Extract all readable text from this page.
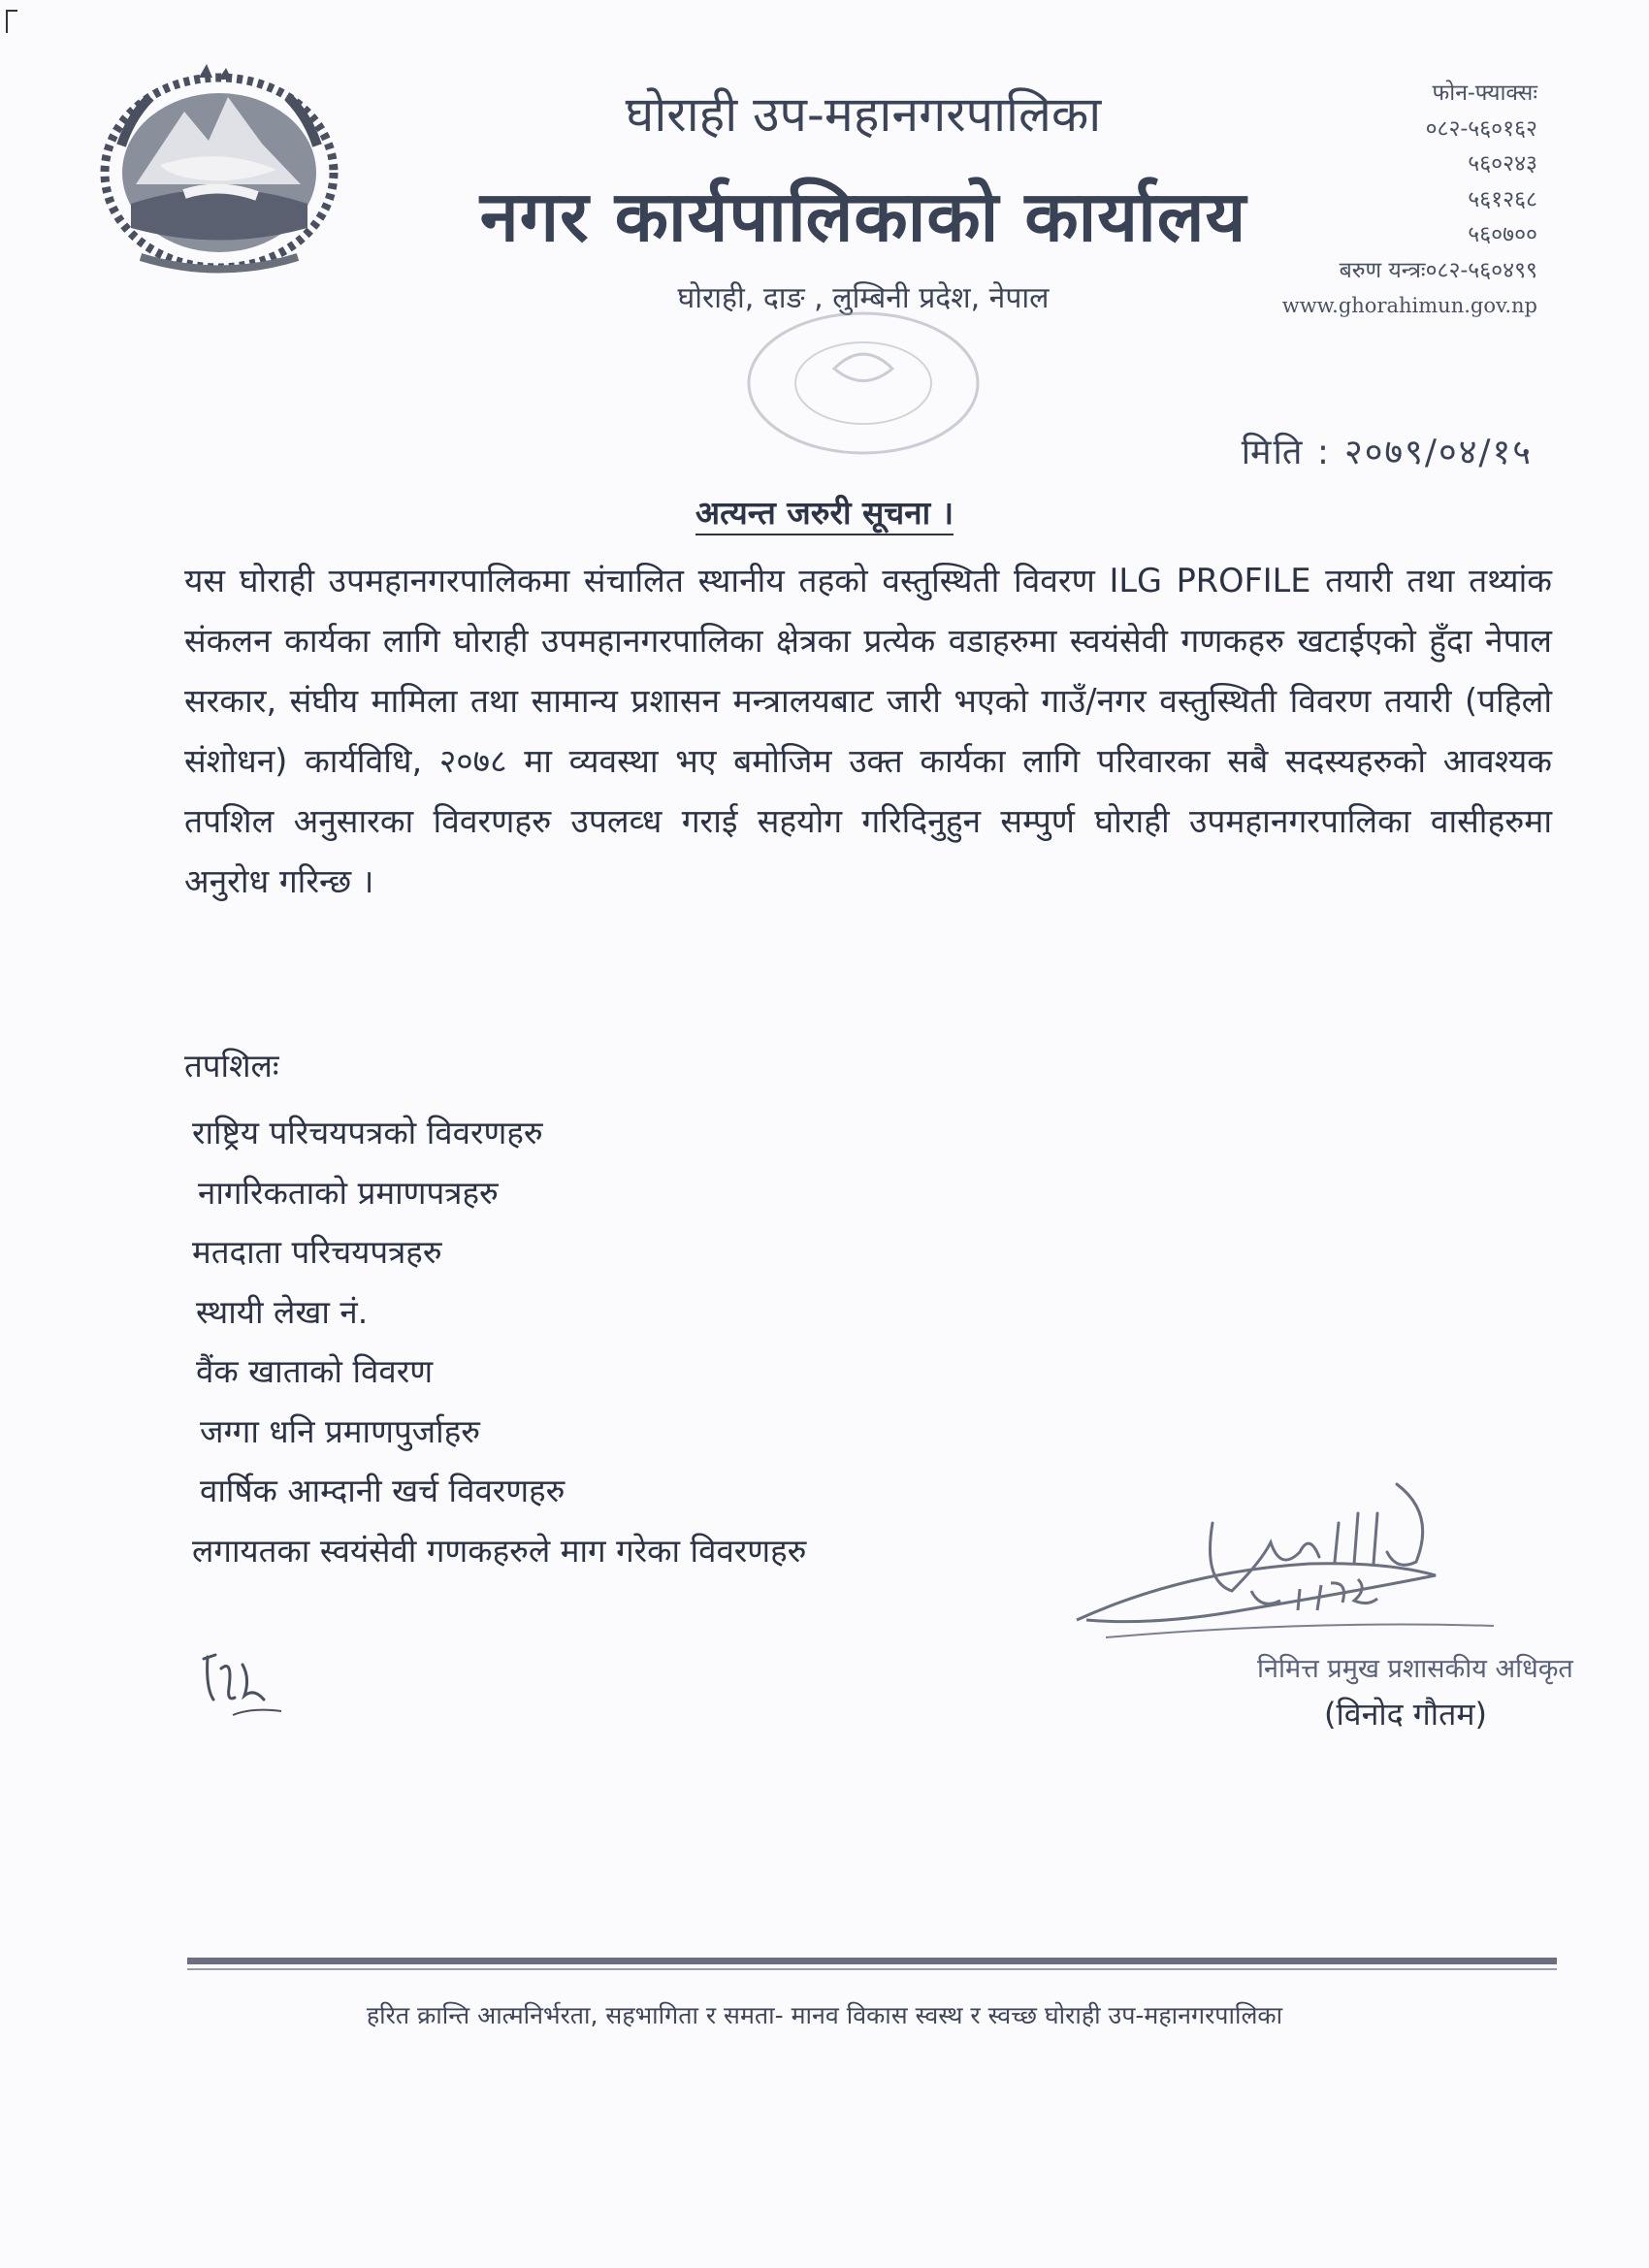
घोराही उप-महानगरपालिका
नगर कार्यपालिकाको कार्यालय
घोराही, दाङ , लुम्बिनी प्रदेश, नेपाल
फोन-फ्याक्सः
०८२-५६०१६२
५६०२४३
५६१२६८
५६०७००
बरुण यन्त्रः०८२-५६०४९९
www.ghorahimun.gov.np
मिति : २०७९/०४/१५
अत्यन्त जरुरी सूचना ।
यस घोराही उपमहानगरपालिकमा संचालित स्थानीय तहको वस्तुस्थिती विवरण ILG PROFILE तयारी तथा तथ्यांक संकलन कार्यका लागि घोराही उपमहानगरपालिका क्षेत्रका प्रत्येक वडाहरुमा स्वयंसेवी गणकहरु खटाईएको हुँदा नेपाल सरकार, संघीय मामिला तथा सामान्य प्रशासन मन्त्रालयबाट जारी भएको गाउँ/नगर वस्तुस्थिती विवरण तयारी (पहिलो संशोधन) कार्यविधि, २०७८ मा व्यवस्था भए बमोजिम उक्त कार्यका लागि परिवारका सबै सदस्यहरुको आवश्यक तपशिल अनुसारका विवरणहरु उपलव्ध गराई सहयोग गरिदिनुहुन सम्पुर्ण घोराही उपमहानगरपालिका वासीहरुमा अनुरोध गरिन्छ ।
तपशिलः
राष्ट्रिय परिचयपत्रको विवरणहरु
नागरिकताको प्रमाणपत्रहरु
मतदाता परिचयपत्रहरु
स्थायी लेखा नं.
वैंक खाताको विवरण
जग्गा धनि प्रमाणपुर्जाहरु
वार्षिक आम्दानी खर्च विवरणहरु
लगायतका स्वयंसेवी गणकहरुले माग गरेका विवरणहरु
निमित्त प्रमुख प्रशासकीय अधिकृत
(विनोद गौतम)
हरित क्रान्ति आत्मनिर्भरता, सहभागिता र समता- मानव विकास स्वस्थ र स्वच्छ घोराही उप-महानगरपालिका
